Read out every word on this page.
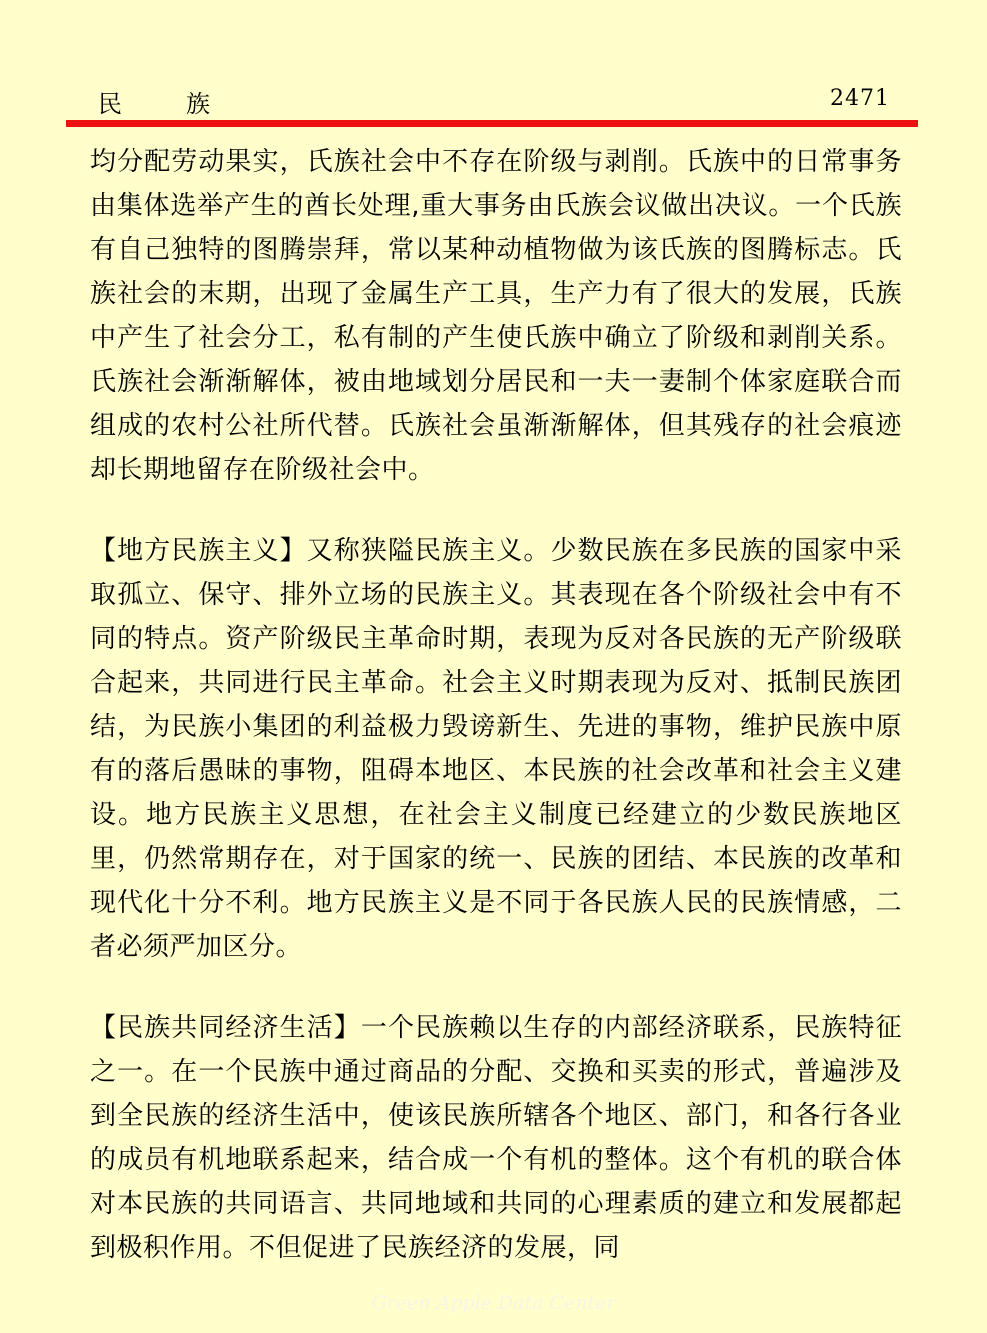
民族	2471

均分配劳动果实，氏族社会中不存在阶级与剥削。氏族中的日常事务由集体选举产生的酋长处理,重大事务由氏族会议做出决议。一个氏族有自己独特的图腾崇拜，常以某种动植物做为该氏族的图腾标志。氏族社会的末期，出现了金属生产工具，生产力有了很大的发展，氏族中产生了社会分工，私有制的产生使氏族中确立了阶级和剥削关系。氏族社会渐渐解体，被由地域划分居民和一夫一妻制个体家庭联合而组成的农村公社所代替。氏族社会虽渐渐解体，但其残存的社会痕迹却长期地留存在阶级社会中。

【地方民族主义】又称狭隘民族主义。少数民族在多民族的国家中采取孤立、保守、排外立场的民族主义。其表现在各个阶级社会中有不同的特点。资产阶级民主革命时期，表现为反对各民族的无产阶级联合起来，共同进行民主革命。社会主义时期表现为反对、抵制民族团结，为民族小集团的利益极力毁谤新生、先进的事物，维护民族中原有的落后愚昧的事物，阻碍本地区、本民族的社会改革和社会主义建设。地方民族主义思想，在社会主义制度已经建立的少数民族地区里，仍然常期存在，对于国家的统一、民族的团结、本民族的改革和现代化十分不利。地方民族主义是不同于各民族人民的民族情感，二者必须严加区分。

【民族共同经济生活】一个民族赖以生存的内部经济联系，民族特征之一。在一个民族中通过商品的分配、交换和买卖的形式，普遍涉及到全民族的经济生活中，使该民族所辖各个地区、部门，和各行各业的成员有机地联系起来，结合成一个有机的整体。这个有机的联合体对本民族的共同语言、共同地域和共同的心理素质的建立和发展都起到极积作用。不但促进了民族经济的发展，同

Green Apple Data Center
